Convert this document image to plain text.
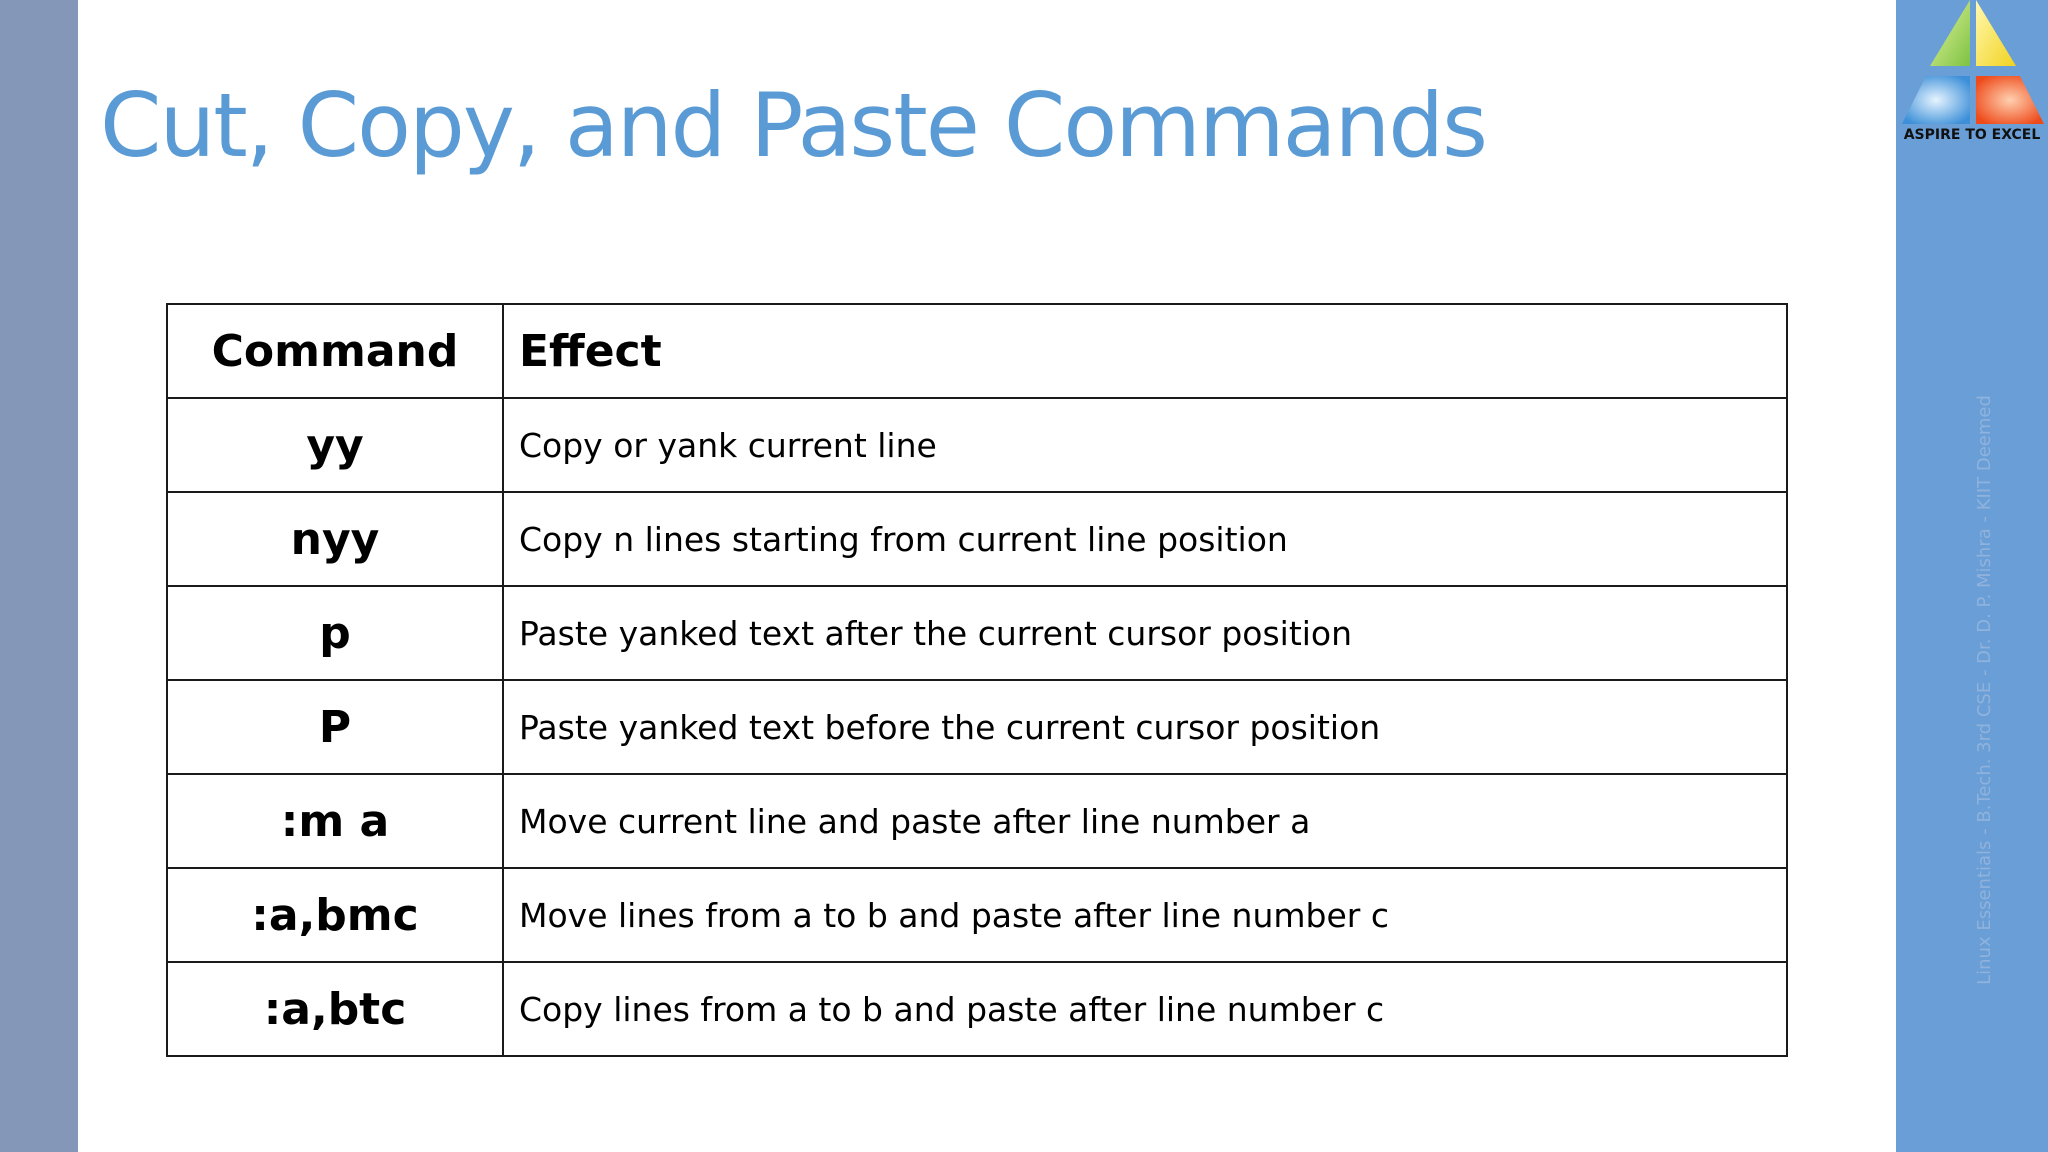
Cut, Copy, and Paste Commands
Command	Effect
yy	Copy or yank current line
nyy	Copy n lines starting from current line position
p	Paste yanked text after the current cursor position
P	Paste yanked text before the current cursor position
:m a	Move current line and paste after line number a
:a,bmc	Move lines from a to b and paste after line number c
:a,btc	Copy lines from a to b and paste after line number c
ASPIRE TO EXCEL
Linux Essentials - B.Tech. 3rd CSE - Dr. D. P. Mishra - KIIT Deemed
